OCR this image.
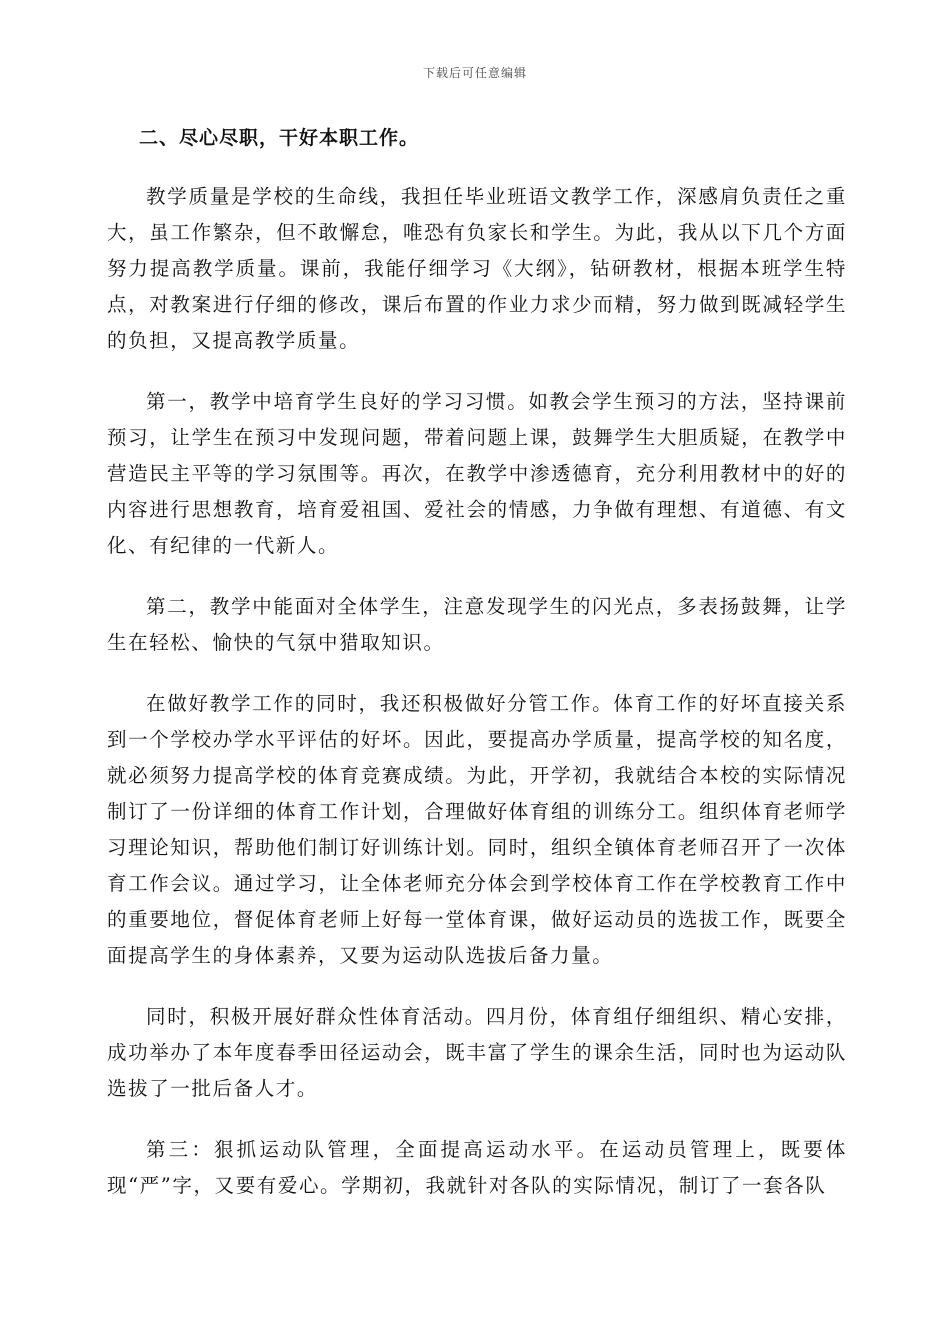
下载后可任意编辑
二、尽心尽职，干好本职工作。

教学质量是学校的生命线，我担任毕业班语文教学工作，深感肩负责任之重大，虽工作繁杂，但不敢懈怠，唯恐有负家长和学生。为此，我从以下几个方面努力提高教学质量。课前，我能仔细学习《大纲》，钻研教材，根据本班学生特点，对教案进行仔细的修改，课后布置的作业力求少而精，努力做到既减轻学生的负担，又提高教学质量。

第一，教学中培育学生良好的学习习惯。如教会学生预习的方法，坚持课前预习，让学生在预习中发现问题，带着问题上课，鼓舞学生大胆质疑，在教学中营造民主平等的学习氛围等。再次，在教学中渗透德育，充分利用教材中的好的内容进行思想教育，培育爱祖国、爱社会的情感，力争做有理想、有道德、有文化、有纪律的一代新人。

第二，教学中能面对全体学生，注意发现学生的闪光点，多表扬鼓舞，让学生在轻松、愉快的气氛中猎取知识。

在做好教学工作的同时，我还积极做好分管工作。体育工作的好坏直接关系到一个学校办学水平评估的好坏。因此，要提高办学质量，提高学校的知名度，就必须努力提高学校的体育竞赛成绩。为此，开学初，我就结合本校的实际情况制订了一份详细的体育工作计划，合理做好体育组的训练分工。组织体育老师学习理论知识，帮助他们制订好训练计划。同时，组织全镇体育老师召开了一次体育工作会议。通过学习，让全体老师充分体会到学校体育工作在学校教育工作中的重要地位，督促体育老师上好每一堂体育课，做好运动员的选拔工作，既要全面提高学生的身体素养，又要为运动队选拔后备力量。

同时，积极开展好群众性体育活动。四月份，体育组仔细组织、精心安排，成功举办了本年度春季田径运动会，既丰富了学生的课余生活，同时也为运动队选拔了一批后备人才。

第三：狠抓运动队管理，全面提高运动水平。在运动员管理上，既要体现“严”字，又要有爱心。学期初，我就针对各队的实际情况，制订了一套各队
